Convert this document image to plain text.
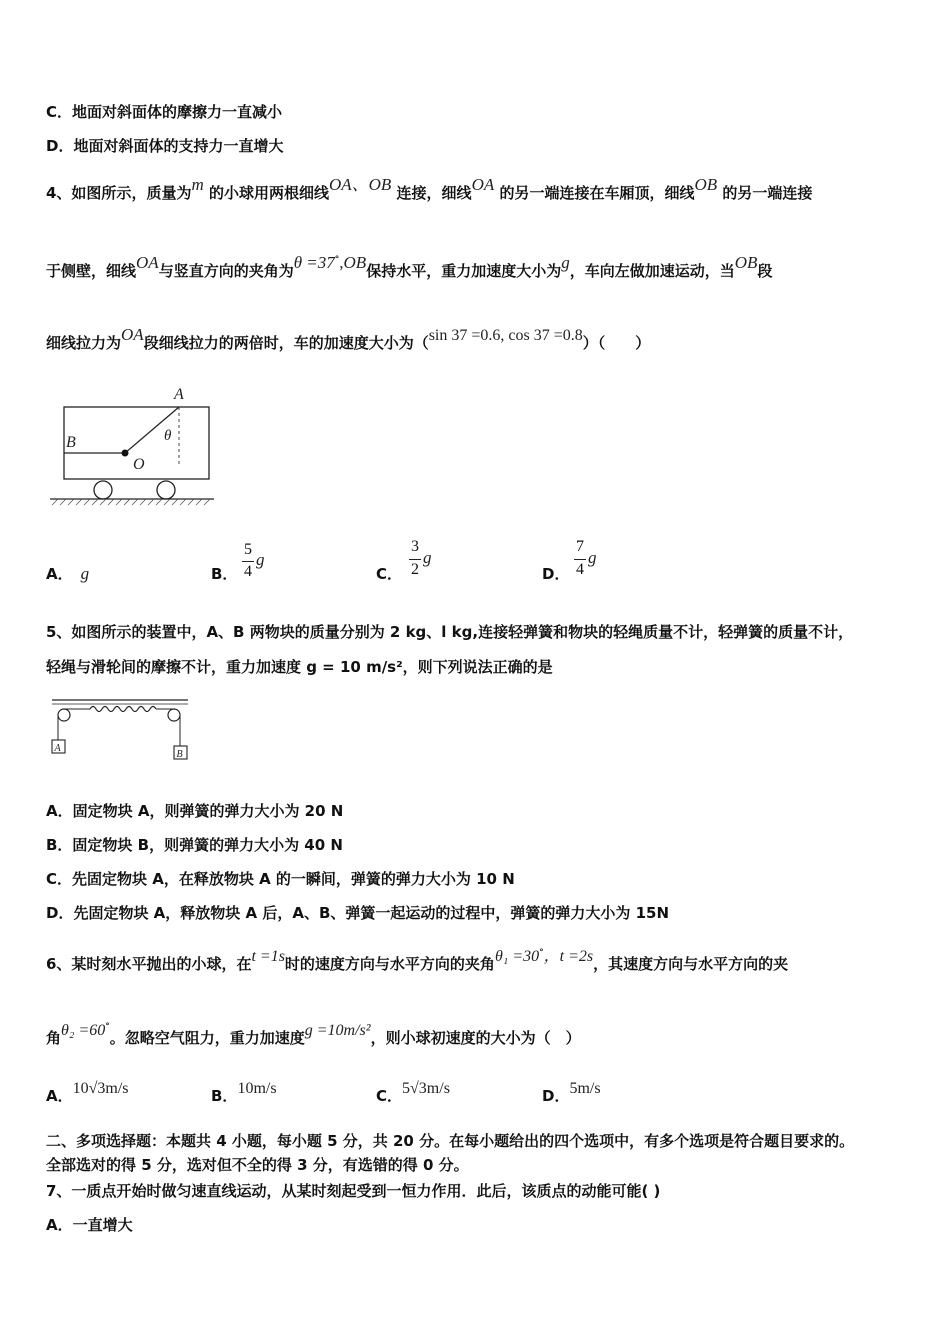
C．地面对斜面体的摩擦力一直减小
D．地面对斜面体的支持力一直增大
4、如图所示，质量为m 的小球用两根细线OA、OB 连接，细线OA 的另一端连接在车厢顶，细线OB 的另一端连接
于侧壁，细线OA与竖直方向的夹角为θ =37°,OB保持水平，重力加速度大小为g，车向左做加速运动，当OB段
细线拉力为OA段细线拉力的两倍时，车的加速度大小为（sin 37 =0.6, cos 37 =0.8）（　　）
A
B
O
θ
A． g	B．
5
4
g
C．
3
2
g
D．
7
4
g
5、如图所示的装置中，A、B 两物块的质量分别为 2 kg、l kg,连接轻弹簧和物块的轻绳质量不计，轻弹簧的质量不计，
轻绳与滑轮间的摩擦不计，重力加速度 g = 10 m/s²，则下列说法正确的是
A
B
A．固定物块 A，则弹簧的弹力大小为 20 N
B．固定物块 B，则弹簧的弹力大小为 40 N
C．先固定物块 A，在释放物块 A 的一瞬间，弹簧的弹力大小为 10 N
D．先固定物块 A，释放物块 A 后，A、B、弹簧一起运动的过程中，弹簧的弹力大小为 15N
6、某时刻水平抛出的小球，在t =1s时的速度方向与水平方向的夹角θ₁ =30°，t =2s，其速度方向与水平方向的夹
角θ₂ =60°。忽略空气阻力，重力加速度g =10m/s²，则小球初速度的大小为（　）
A．10√3m/s	B．10m/s	C．5√3m/s	D．5m/s
二、多项选择题：本题共 4 小题，每小题 5 分，共 20 分。在每小题给出的四个选项中，有多个选项是符合题目要求的。
全部选对的得 5 分，选对但不全的得 3 分，有选错的得 0 分。
7、一质点开始时做匀速直线运动，从某时刻起受到一恒力作用．此后，该质点的动能可能( )
A．一直增大
